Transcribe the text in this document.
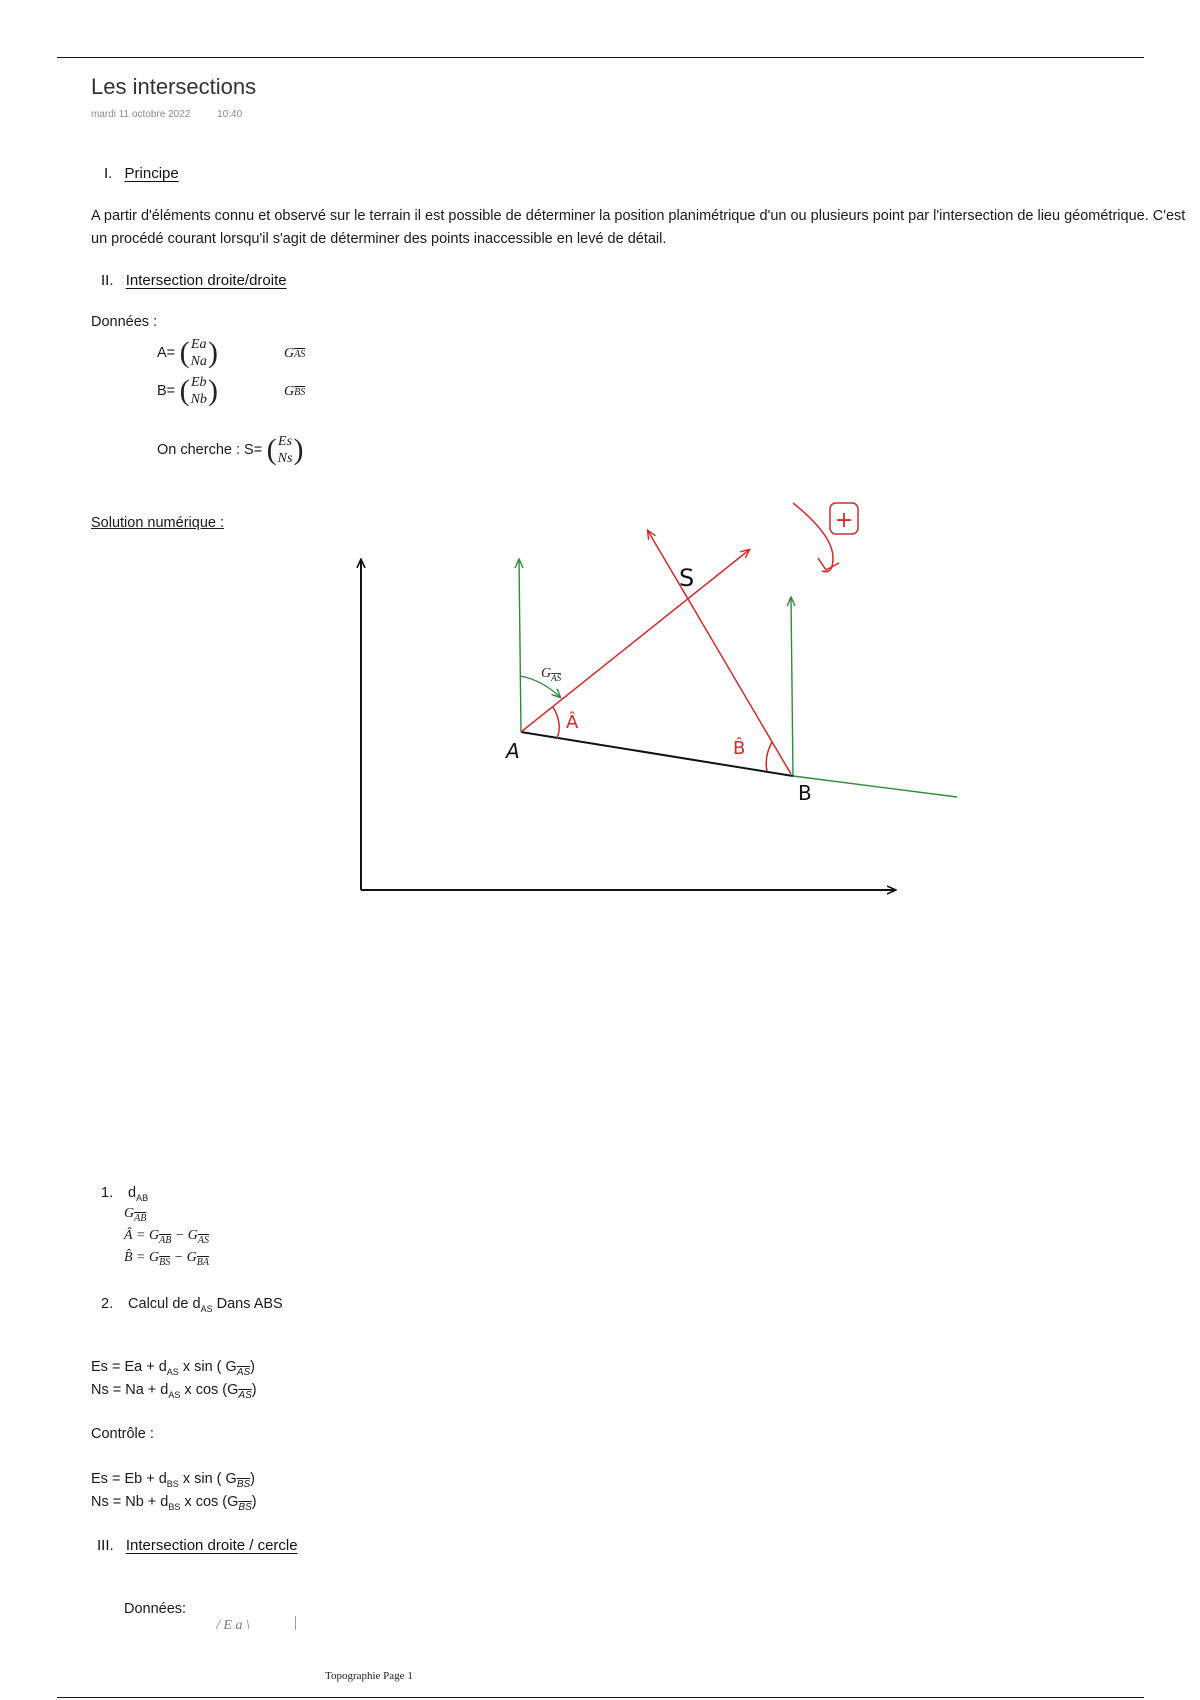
Les intersections
mardi 11 octobre 2022	10:40
I. Principe
A partir d'éléments connu et observé sur le terrain il est possible de déterminer la position planimétrique d'un ou plusieurs point par l'intersection de lieu géométrique. C'est un procédé courant lorsqu'il s'agit de déterminer des points inaccessible en levé de détail.
II. Intersection droite/droite
Données :
A= ( Ea
Na )	$G\overline{AS}$
B= ( Eb
Nb )	$G\overline{BS}$
On cherche : S= ( Es
Ns )
Solution numérique :	+
S
A
B
$G_{AS}$
Â
B̂
1. $d_{AB}$
$G_{\overline{AB}}$
Â = $G_{\overline{AB}} - G_{\overline{AS}}$
B̂ = $G_{\overline{BS}} - G_{\overline{BA}}$
2. Calcul de $d_{AS}$ Dans ABS
$Es = Ea + d_{AS}$ x sin ( $G_{\overline{AS}}$)
$Ns = Na + d_{AS}$ x $\cos (G_{\overline{AS}})$
Contrôle :
$Es = Eb + d_{BS}$ x sin ( $G_{\overline{BS}}$)
$Ns = Nb + d_{BS}$ x $\cos (G_{\overline{BS}})$
III. Intersection droite / cercle
Données:
/ E a \
Topographie Page 1
